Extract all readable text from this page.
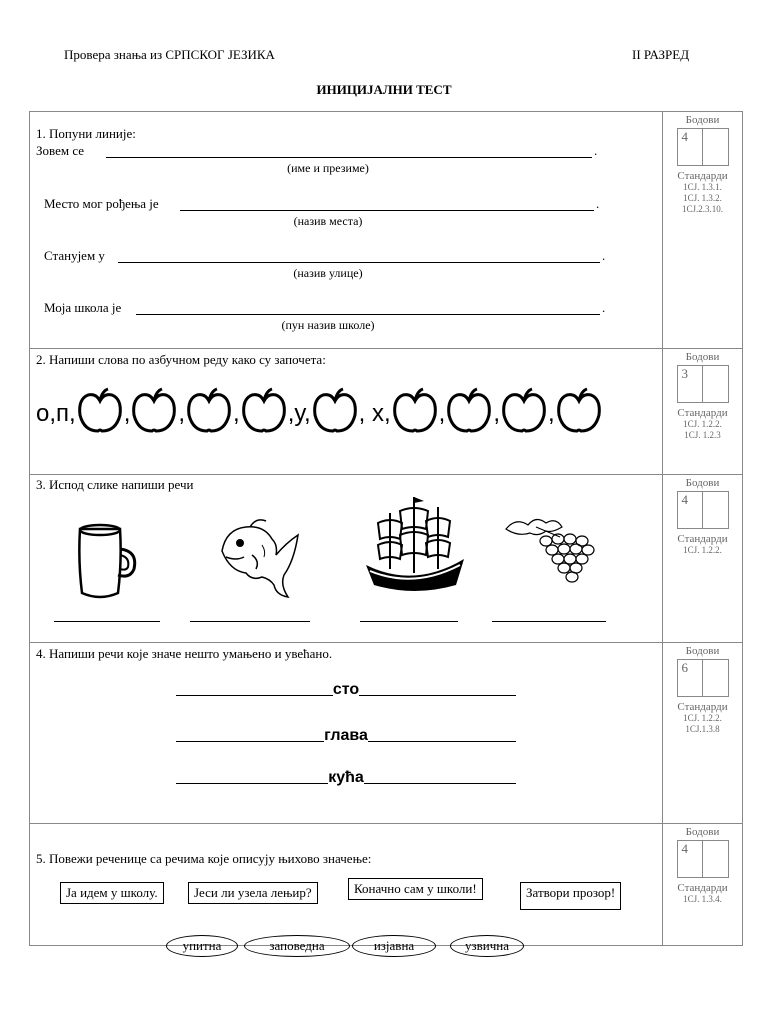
Провера знања из СРПСКОГ ЈЕЗИКА	II РАЗРЕД
ИНИЦИЈАЛНИ ТЕСТ
1. Попуни линије:
Зовем се	.
(име и презиме)
Место мог рођења је	.
(назив места)
Станујем у	.
(назив улице)
Моја школа је	.
(пун назив школе)
Бодови
4
Стандарди
1СЈ. 1.3.1.
1СЈ. 1.3.2.
1СЈ.2.3.10.
2. Напиши слова по азбучном реду како су започета:
о,п, , , , ,у, , х, , , ,
Бодови
3
Стандарди
1СЈ. 1.2.2.
1СЈ. 1.2.3
3. Испод слике напиши речи	Бодови
4
Стандарди
1СЈ. 1.2.2.
4. Напиши речи које значе нешто умањено и увећано.
сто
глава
кућа
Бодови
6
Стандарди
1СЈ. 1.2.2.
1СЈ.1.3.8
5. Повежи реченице са речима које описују њихово значење:
Ја идем у школу.	Јеси ли узела лењир?	Коначно сам у школи!	Затвори прозор!
упитна	заповедна	изјавна	узвична
Бодови
4
Стандарди
1СЈ. 1.3.4.
